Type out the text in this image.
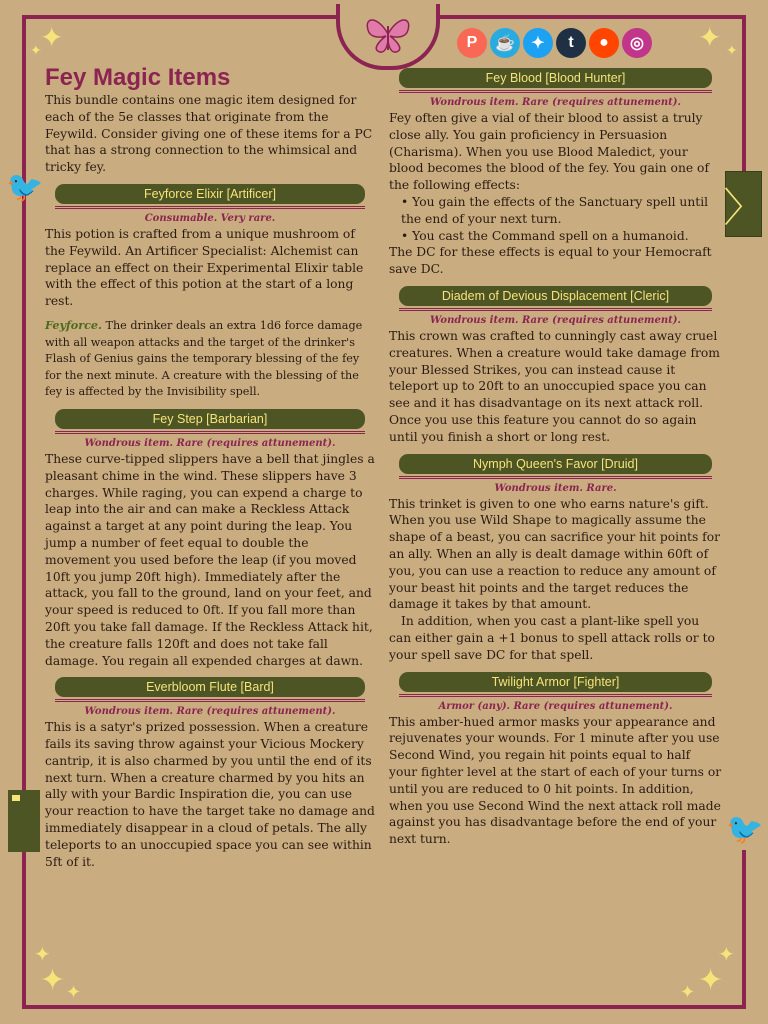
✦
✦	✦ ✦
✦
✦ ✦
✦
✦
✦
P	☕	✦	t	●	◎
〉
🐦
🐦
Fey Magic Items

This bundle contains one magic item designed for each of the 5e classes that originate from the Feywild. Consider giving one of these items for a PC that has a strong connection to the whimsical and tricky fey.

Feyforce Elixir [Artificer]
Consumable. Very rare.

This potion is crafted from a unique mushroom of the Feywild. An Artificer Specialist: Alchemist can replace an effect on their Experimental Elixir table with the effect of this potion at the start of a long rest.

Feyforce. The drinker deals an extra 1d6 force damage with all weapon attacks and the target of the drinker's Flash of Genius gains the temporary blessing of the fey for the next minute. A creature with the blessing of the fey is affected by the Invisibility spell.

Fey Step [Barbarian]
Wondrous item. Rare (requires attunement).

These curve-tipped slippers have a bell that jingles a pleasant chime in the wind. These slippers have 3 charges. While raging, you can expend a charge to leap into the air and can make a Reckless Attack against a target at any point during the leap. You jump a number of feet equal to double the movement you used before the leap (if you moved 10ft you jump 20ft high). Immediately after the attack, you fall to the ground, land on your feet, and your speed is reduced to 0ft. If you fall more than 20ft you take fall damage. If the Reckless Attack hit, the creature falls 120ft and does not take fall damage. You regain all expended charges at dawn.

Everbloom Flute [Bard]
Wondrous item. Rare (requires attunement).

This is a satyr's prized possession. When a creature fails its saving throw against your Vicious Mockery cantrip, it is also charmed by you until the end of its next turn. When a creature charmed by you hits an ally with your Bardic Inspiration die, you can use your reaction to have the target take no damage and immediately disappear in a cloud of petals. The ally teleports to an unoccupied space you can see within 5ft of it.

Fey Blood [Blood Hunter]
Wondrous item. Rare (requires attunement).

Fey often give a vial of their blood to assist a truly close ally. You gain proficiency in Persuasion (Charisma). When you use Blood Maledict, your blood becomes the blood of the fey. You gain one of the following effects:

• You gain the effects of the Sanctuary spell until the end of your next turn.

• You cast the Command spell on a humanoid.

The DC for these effects is equal to your Hemocraft save DC.

Diadem of Devious Displacement [Cleric]
Wondrous item. Rare (requires attunement).

This crown was crafted to cunningly cast away cruel creatures. When a creature would take damage from your Blessed Strikes, you can instead cause it teleport up to 20ft to an unoccupied space you can see and it has disadvantage on its next attack roll. Once you use this feature you cannot do so again until you finish a short or long rest.

Nymph Queen's Favor [Druid]
Wondrous item. Rare.

This trinket is given to one who earns nature's gift. When you use Wild Shape to magically assume the shape of a beast, you can sacrifice your hit points for an ally. When an ally is dealt damage within 60ft of you, you can use a reaction to reduce any amount of your beast hit points and the target reduces the damage it takes by that amount.

In addition, when you cast a plant-like spell you can either gain a +1 bonus to spell attack rolls or to your spell save DC for that spell.

Twilight Armor [Fighter]
Armor (any). Rare (requires attunement).

This amber-hued armor masks your appearance and rejuvenates your wounds. For 1 minute after you use Second Wind, you regain hit points equal to half your fighter level at the start of each of your turns or until you are reduced to 0 hit points. In addition, when you use Second Wind the next attack roll made against you has disadvantage before the end of your next turn.
